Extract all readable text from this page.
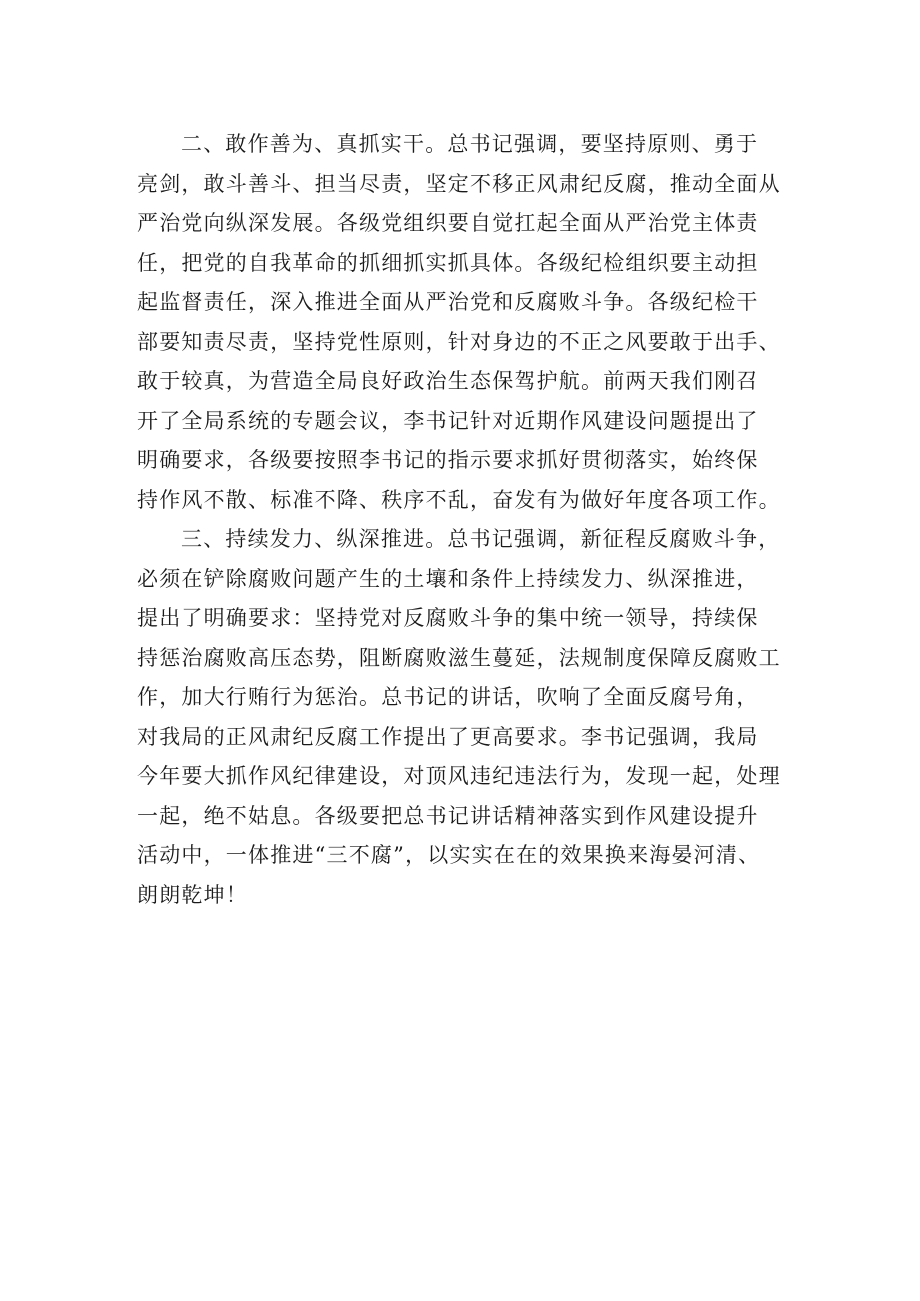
二、敢作善为、真抓实干。总书记强调，要坚持原则、勇于
亮剑，敢斗善斗、担当尽责，坚定不移正风肃纪反腐，推动全面从
严治党向纵深发展。各级党组织要自觉扛起全面从严治党主体责
任，把党的自我革命的抓细抓实抓具体。各级纪检组织要主动担
起监督责任，深入推进全面从严治党和反腐败斗争。各级纪检干
部要知责尽责，坚持党性原则，针对身边的不正之风要敢于出手、
敢于较真，为营造全局良好政治生态保驾护航。前两天我们刚召
开了全局系统的专题会议，李书记针对近期作风建设问题提出了
明确要求，各级要按照李书记的指示要求抓好贯彻落实，始终保
持作风不散、标准不降、秩序不乱，奋发有为做好年度各项工作。
三、持续发力、纵深推进。总书记强调，新征程反腐败斗争，
必须在铲除腐败问题产生的土壤和条件上持续发力、纵深推进，
提出了明确要求：坚持党对反腐败斗争的集中统一领导，持续保
持惩治腐败高压态势，阻断腐败滋生蔓延，法规制度保障反腐败工
作，加大行贿行为惩治。总书记的讲话，吹响了全面反腐号角，
对我局的正风肃纪反腐工作提出了更高要求。李书记强调，我局
今年要大抓作风纪律建设，对顶风违纪违法行为，发现一起，处理
一起，绝不姑息。各级要把总书记讲话精神落实到作风建设提升
活动中，一体推进“三不腐”，以实实在在的效果换来海晏河清、
朗朗乾坤！
